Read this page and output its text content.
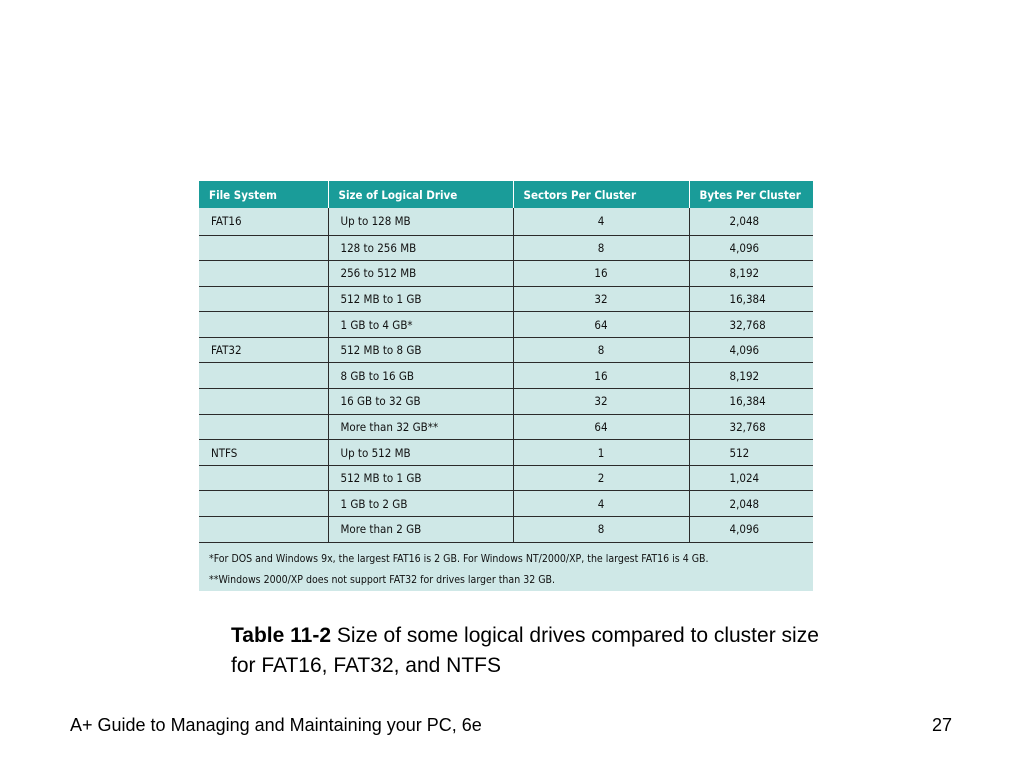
File System	Size of Logical Drive	Sectors Per Cluster	Bytes Per Cluster
FAT16	Up to 128 MB	4	2,048
	128 to 256 MB	8	4,096
	256 to 512 MB	16	8,192
	512 MB to 1 GB	32	16,384
	1 GB to 4 GB*	64	32,768
FAT32	512 MB to 8 GB	8	4,096
	8 GB to 16 GB	16	8,192
	16 GB to 32 GB	32	16,384
	More than 32 GB**	64	32,768
NTFS	Up to 512 MB	1	512
	512 MB to 1 GB	2	1,024
	1 GB to 2 GB	4	2,048
	More than 2 GB	8	4,096
*For DOS and Windows 9x, the largest FAT16 is 2 GB. For Windows NT/2000/XP, the largest FAT16 is 4 GB.
**Windows 2000/XP does not support FAT32 for drives larger than 32 GB.
Table 11-2 Size of some logical drives compared to cluster size for FAT16, FAT32, and NTFS
A+ Guide to Managing and Maintaining your PC, 6e	27
